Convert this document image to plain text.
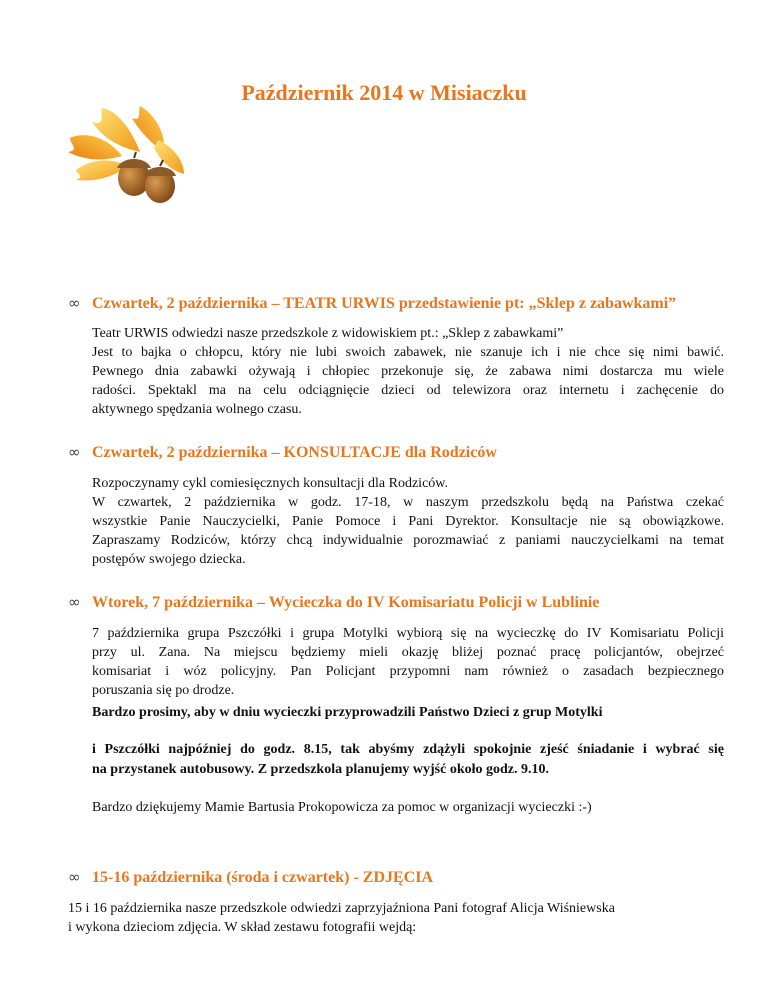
Październik 2014 w Misiaczku
∞ Czwartek, 2 października – TEATR URWIS przedstawienie pt: „Sklep z zabawkami”
Teatr URWIS odwiedzi nasze przedszkole z widowiskiem pt.: „Sklep z zabawkami”
Jest to bajka o chłopcu, który nie lubi swoich zabawek, nie szanuje ich i nie chce się nimi bawić.
Pewnego dnia zabawki ożywają i chłopiec przekonuje się, że zabawa nimi dostarcza mu wiele
radości. Spektakl ma na celu odciągnięcie dzieci od telewizora oraz internetu i zachęcenie do
aktywnego spędzania wolnego czasu.
∞ Czwartek, 2 października – KONSULTACJE dla Rodziców
Rozpoczynamy cykl comiesięcznych konsultacji dla Rodziców.
W czwartek, 2 października w godz. 17-18, w naszym przedszkolu będą na Państwa czekać
wszystkie Panie Nauczycielki, Panie Pomoce i Pani Dyrektor. Konsultacje nie są obowiązkowe.
Zapraszamy Rodziców, którzy chcą indywidualnie porozmawiać z paniami nauczycielkami na temat
postępów swojego dziecka.
∞ Wtorek, 7 października – Wycieczka do IV Komisariatu Policji w Lublinie
7 października grupa Pszczółki i grupa Motylki wybiorą się na wycieczkę do IV Komisariatu Policji
przy ul. Zana. Na miejscu będziemy mieli okazję bliżej poznać pracę policjantów, obejrzeć
komisariat i wóz policyjny. Pan Policjant przypomni nam również o zasadach bezpiecznego
poruszania się po drodze.
Bardzo prosimy, aby w dniu wycieczki przyprowadzili Państwo Dzieci z grup Motylki
i Pszczółki najpóźniej do godz. 8.15, tak abyśmy zdążyli spokojnie zjeść śniadanie i wybrać się
na przystanek autobusowy. Z przedszkola planujemy wyjść około godz. 9.10.
Bardzo dziękujemy Mamie Bartusia Prokopowicza za pomoc w organizacji wycieczki :-)
∞ 15-16 października (środa i czwartek) - ZDJĘCIA
15 i 16 października nasze przedszkole odwiedzi zaprzyjaźniona Pani fotograf Alicja Wiśniewska
i wykona dzieciom zdjęcia. W skład zestawu fotografii wejdą:
